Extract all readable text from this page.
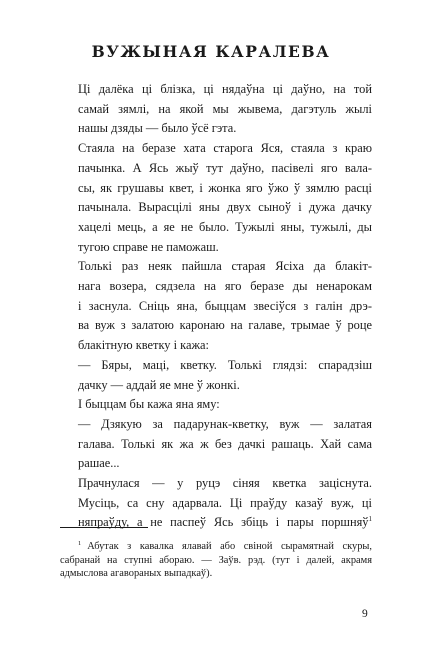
ВУЖЫНАЯ КАРАЛЕВА

Ці далёка ці блізка, ці нядаўна ці даўно, на той
самай зямлі, на якой мы жывема, дагэтуль жылі
нашы дзяды — было ўсё гэта.

Стаяла на беразе хата старога Яся, стаяла з краю
пачынка. А Ясь жыў тут даўно, пасівелі яго вала-
сы, як грушавы квет, і жонка яго ўжо ў зямлю расці
пачынала. Вырасцілі яны двух сыноў і дужа дачку
хацелі мець, а яе не было. Тужылі яны, тужылі, ды
тугою справе не паможаш.

Толькі раз неяк пайшла старая Ясіха да блакіт-
нага возера, сядзела на яго беразе ды ненарокам
і заснула. Сніць яна, быццам звесіўся з галін дрэ-
ва вуж з залатою каронаю на галаве, трымае ў роце
блакітную кветку і кажа:

— Бяры, маці, кветку. Толькі глядзі: спарадзіш
дачку — аддай яе мне ў жонкі.

І быццам бы кажа яна яму:

— Дзякую за падарунак-кветку, вуж — залатая
галава. Толькі як жа ж без дачкі рашаць. Хай сама
рашае...

Прачнулася — у руцэ сіняя кветка заціснута.
Мусіць, са сну адарвала. Ці праўду казаў вуж, ці
няпраўду, а не паспеў Ясь збіць і пары поршняў$^1$

$^1$ Абутак з кавалка ялавай або свіной сырамятнай скуры,
сабранай на ступні абораю. — Заўв. рэд. (тут і далей, акрамя
адмыслова агавораных выпадкаў).
9
